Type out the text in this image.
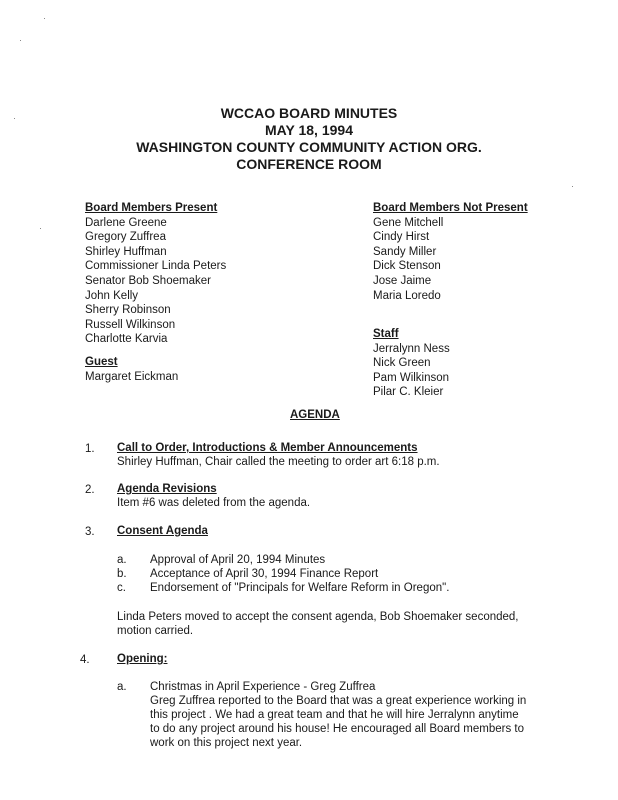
WCCAO BOARD MINUTES
MAY 18, 1994
WASHINGTON COUNTY COMMUNITY ACTION ORG.
CONFERENCE ROOM
Board Members Present
Darlene Greene
Gregory Zuffrea
Shirley Huffman
Commissioner Linda Peters
Senator Bob Shoemaker
John Kelly
Sherry Robinson
Russell Wilkinson
Charlotte Karvia
Guest
Margaret Eickman
Board Members Not Present
Gene Mitchell
Cindy Hirst
Sandy Miller
Dick Stenson
Jose Jaime
Maria Loredo
Staff
Jerralynn Ness
Nick Green
Pam Wilkinson
Pilar C. Kleier
AGENDA
1. Call to Order, Introductions & Member Announcements
Shirley Huffman, Chair called the meeting to order art 6:18 p.m.
2. Agenda Revisions
Item #6 was deleted from the agenda.
3. Consent Agenda
a. Approval of April 20, 1994 Minutes
b. Acceptance of April 30, 1994 Finance Report
c. Endorsement of "Principals for Welfare Reform in Oregon".
Linda Peters moved to accept the consent agenda, Bob Shoemaker seconded,
motion carried.
4. Opening:
a. Christmas in April Experience - Greg Zuffrea
Greg Zuffrea reported to the Board that was a great experience working in
this project . We had a great team and that he will hire Jerralynn anytime
to do any project around his house! He encouraged all Board members to
work on this project next year.
